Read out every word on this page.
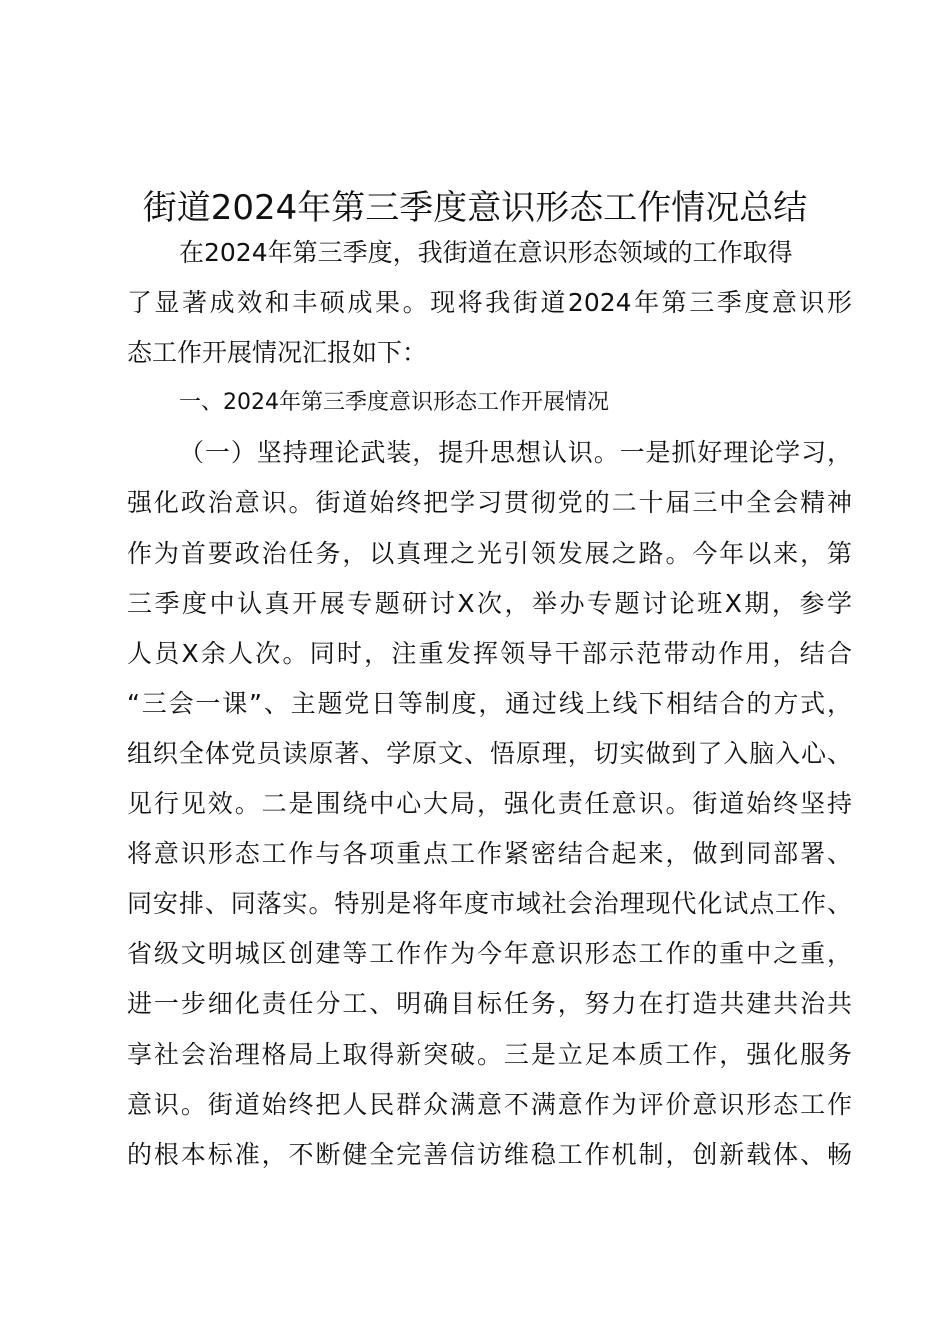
街道2024年第三季度意识形态工作情况总结
在2024年第三季度，我街道在意识形态领域的工作取得
了显著成效和丰硕成果。现将我街道2024年第三季度意识形
态工作开展情况汇报如下：
一、2024年第三季度意识形态工作开展情况
（一）坚持理论武装，提升思想认识。一是抓好理论学习，
强化政治意识。街道始终把学习贯彻党的二十届三中全会精神
作为首要政治任务，以真理之光引领发展之路。今年以来，第
三季度中认真开展专题研讨X次，举办专题讨论班X期，参学
人员X余人次。同时，注重发挥领导干部示范带动作用，结合
“三会一课”、主题党日等制度，通过线上线下相结合的方式，
组织全体党员读原著、学原文、悟原理，切实做到了入脑入心、
见行见效。二是围绕中心大局，强化责任意识。街道始终坚持
将意识形态工作与各项重点工作紧密结合起来，做到同部署、
同安排、同落实。特别是将年度市域社会治理现代化试点工作、
省级文明城区创建等工作作为今年意识形态工作的重中之重，
进一步细化责任分工、明确目标任务，努力在打造共建共治共
享社会治理格局上取得新突破。三是立足本质工作，强化服务
意识。街道始终把人民群众满意不满意作为评价意识形态工作
的根本标准，不断健全完善信访维稳工作机制，创新载体、畅
